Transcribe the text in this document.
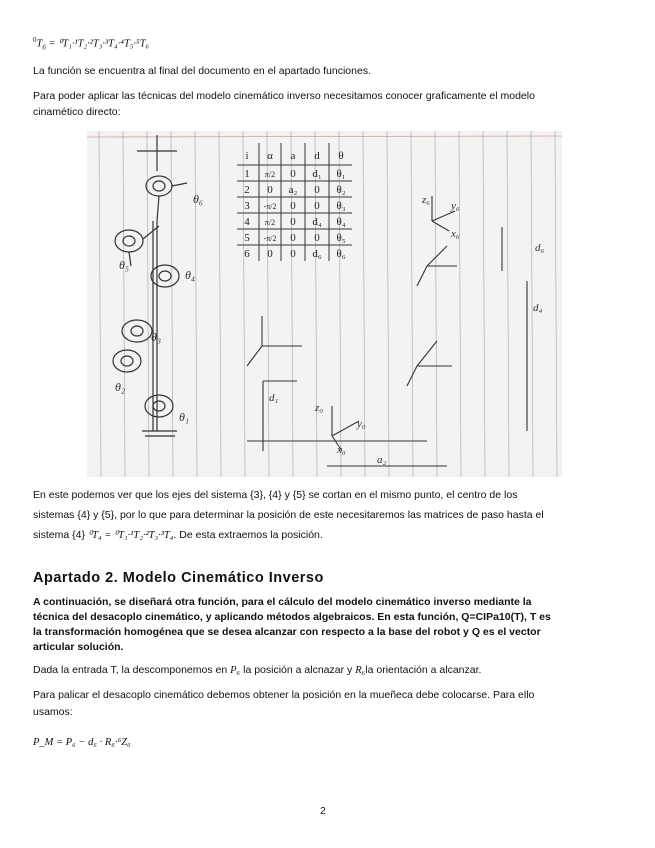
$^0T_6 = ^0T_1\cdot^1T_2\cdot^2T_3\cdot^3T_4\cdot^4T_5\cdot^5T_6$
La función se encuentra al final del documento en el apartado funciones.
Para poder aplicar las técnicas del modelo cinemático inverso necesitamos conocer graficamente el modelo
cinamético directo:
θ₆
θ₅
θ₄
θ₃
θ₂
θ₁
i α a d θ
1 π/2 0 d₁ θ₁
2 0 a₂ 0 θ₂
3 -π/2 0 0 θ₃
4 π/2 0 d₄ θ₄
5 -π/2 0 0 θ₅
6 0 0 d₆ θ₆
z₆ y₆
x₆
z₀
y₀
x₀
d₆
d₄
a₂
d₁
En este podemos ver que los ejes del sistema {3}, {4} y {5} se cortan en el mismo punto, el centro de los
sistemas {4} y {5}, por lo que para determinar la posición de este necesitaremos las matrices de paso hasta el
sistema {4} ⁰T₄ = ⁰T₁·¹T₂·²T₃·³T₄. De esta extraemos la posición.
Apartado 2. Modelo Cinemático Inverso
A continuación, se diseñará otra función, para el cálculo del modelo cinemático inverso mediante la
técnica del desacoplo cinemático, y aplicando métodos algebraicos. En esta función, Q=CIPa10(T), T es
la transformación homogénea que se desea alcanzar con respecto a la base del robot y Q es el vector
articular solución.
Dada la entrada T, la descomponemos en P₆ la posición a alcnazar y R₆la orientación a alcanzar.
Para palicar el desacoplo cinemático debemos obtener la posición en la mueñeca debe colocarse. Para ello
usamos:
P_M = P₆ − d₆ · R₆·⁶Z₆
2
